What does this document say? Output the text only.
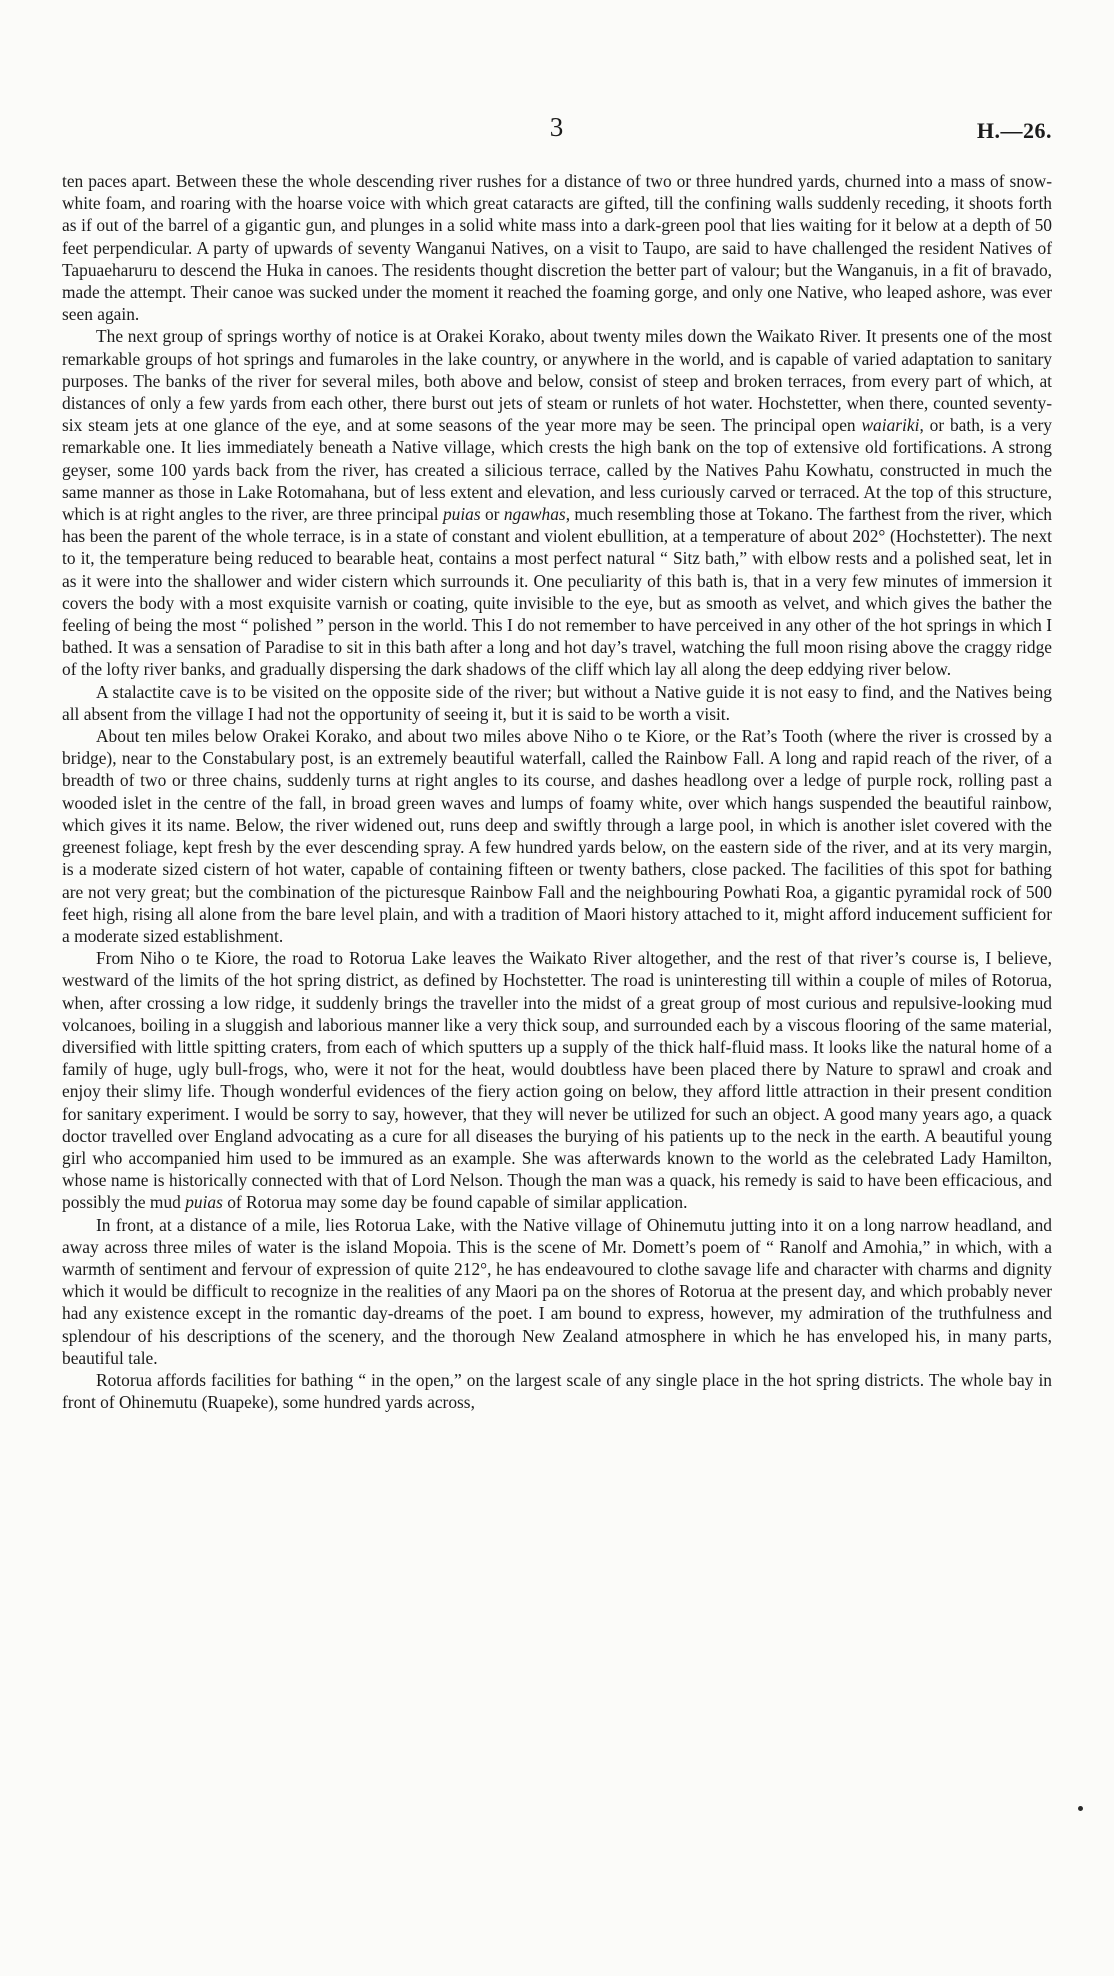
3	H.—26.

ten paces apart. Between these the whole descending river rushes for a distance of two or three hundred yards, churned into a mass of snow-white foam, and roaring with the hoarse voice with which great cataracts are gifted, till the confining walls suddenly receding, it shoots forth as if out of the barrel of a gigantic gun, and plunges in a solid white mass into a dark-green pool that lies waiting for it below at a depth of 50 feet perpendicular. A party of upwards of seventy Wanganui Natives, on a visit to Taupo, are said to have challenged the resident Natives of Tapuaeharuru to descend the Huka in canoes. The residents thought discretion the better part of valour; but the Wanganuis, in a fit of bravado, made the attempt. Their canoe was sucked under the moment it reached the foaming gorge, and only one Native, who leaped ashore, was ever seen again.

The next group of springs worthy of notice is at Orakei Korako, about twenty miles down the Waikato River. It presents one of the most remarkable groups of hot springs and fumaroles in the lake country, or anywhere in the world, and is capable of varied adaptation to sanitary purposes. The banks of the river for several miles, both above and below, consist of steep and broken terraces, from every part of which, at distances of only a few yards from each other, there burst out jets of steam or runlets of hot water. Hochstetter, when there, counted seventy-six steam jets at one glance of the eye, and at some seasons of the year more may be seen. The principal open waiariki, or bath, is a very remarkable one. It lies immediately beneath a Native village, which crests the high bank on the top of extensive old fortifications. A strong geyser, some 100 yards back from the river, has created a silicious terrace, called by the Natives Pahu Kowhatu, constructed in much the same manner as those in Lake Rotomahana, but of less extent and elevation, and less curiously carved or terraced. At the top of this structure, which is at right angles to the river, are three principal puias or ngawhas, much resembling those at Tokano. The farthest from the river, which has been the parent of the whole terrace, is in a state of constant and violent ebullition, at a temperature of about 202° (Hochstetter). The next to it, the temperature being reduced to bearable heat, contains a most perfect natural “ Sitz bath,” with elbow rests and a polished seat, let in as it were into the shallower and wider cistern which surrounds it. One peculiarity of this bath is, that in a very few minutes of immersion it covers the body with a most exquisite varnish or coating, quite invisible to the eye, but as smooth as velvet, and which gives the bather the feeling of being the most “ polished ” person in the world. This I do not remember to have perceived in any other of the hot springs in which I bathed. It was a sensation of Paradise to sit in this bath after a long and hot day’s travel, watching the full moon rising above the craggy ridge of the lofty river banks, and gradually dispersing the dark shadows of the cliff which lay all along the deep eddying river below.

A stalactite cave is to be visited on the opposite side of the river; but without a Native guide it is not easy to find, and the Natives being all absent from the village I had not the opportunity of seeing it, but it is said to be worth a visit.

About ten miles below Orakei Korako, and about two miles above Niho o te Kiore, or the Rat’s Tooth (where the river is crossed by a bridge), near to the Constabulary post, is an extremely beautiful waterfall, called the Rainbow Fall. A long and rapid reach of the river, of a breadth of two or three chains, suddenly turns at right angles to its course, and dashes headlong over a ledge of purple rock, rolling past a wooded islet in the centre of the fall, in broad green waves and lumps of foamy white, over which hangs suspended the beautiful rainbow, which gives it its name. Below, the river widened out, runs deep and swiftly through a large pool, in which is another islet covered with the greenest foliage, kept fresh by the ever descending spray. A few hundred yards below, on the eastern side of the river, and at its very margin, is a moderate sized cistern of hot water, capable of containing fifteen or twenty bathers, close packed. The facilities of this spot for bathing are not very great; but the combination of the picturesque Rainbow Fall and the neighbouring Powhati Roa, a gigantic pyramidal rock of 500 feet high, rising all alone from the bare level plain, and with a tradition of Maori history attached to it, might afford inducement sufficient for a moderate sized establishment.

From Niho o te Kiore, the road to Rotorua Lake leaves the Waikato River altogether, and the rest of that river’s course is, I believe, westward of the limits of the hot spring district, as defined by Hochstetter. The road is uninteresting till within a couple of miles of Rotorua, when, after crossing a low ridge, it suddenly brings the traveller into the midst of a great group of most curious and repulsive-looking mud volcanoes, boiling in a sluggish and laborious manner like a very thick soup, and surrounded each by a viscous flooring of the same material, diversified with little spitting craters, from each of which sputters up a supply of the thick half-fluid mass. It looks like the natural home of a family of huge, ugly bull-frogs, who, were it not for the heat, would doubtless have been placed there by Nature to sprawl and croak and enjoy their slimy life. Though wonderful evidences of the fiery action going on below, they afford little attraction in their present condition for sanitary experiment. I would be sorry to say, however, that they will never be utilized for such an object. A good many years ago, a quack doctor travelled over England advocating as a cure for all diseases the burying of his patients up to the neck in the earth. A beautiful young girl who accompanied him used to be immured as an example. She was afterwards known to the world as the celebrated Lady Hamilton, whose name is historically connected with that of Lord Nelson. Though the man was a quack, his remedy is said to have been efficacious, and possibly the mud puias of Rotorua may some day be found capable of similar application.

In front, at a distance of a mile, lies Rotorua Lake, with the Native village of Ohinemutu jutting into it on a long narrow headland, and away across three miles of water is the island Mopoia. This is the scene of Mr. Domett’s poem of “ Ranolf and Amohia,” in which, with a warmth of sentiment and fervour of expression of quite 212°, he has endeavoured to clothe savage life and character with charms and dignity which it would be difficult to recognize in the realities of any Maori pa on the shores of Rotorua at the present day, and which probably never had any existence except in the romantic day-dreams of the poet. I am bound to express, however, my admiration of the truthfulness and splendour of his descriptions of the scenery, and the thorough New Zealand atmosphere in which he has enveloped his, in many parts, beautiful tale.

Rotorua affords facilities for bathing “ in the open,” on the largest scale of any single place in the hot spring districts. The whole bay in front of Ohinemutu (Ruapeke), some hundred yards across,
